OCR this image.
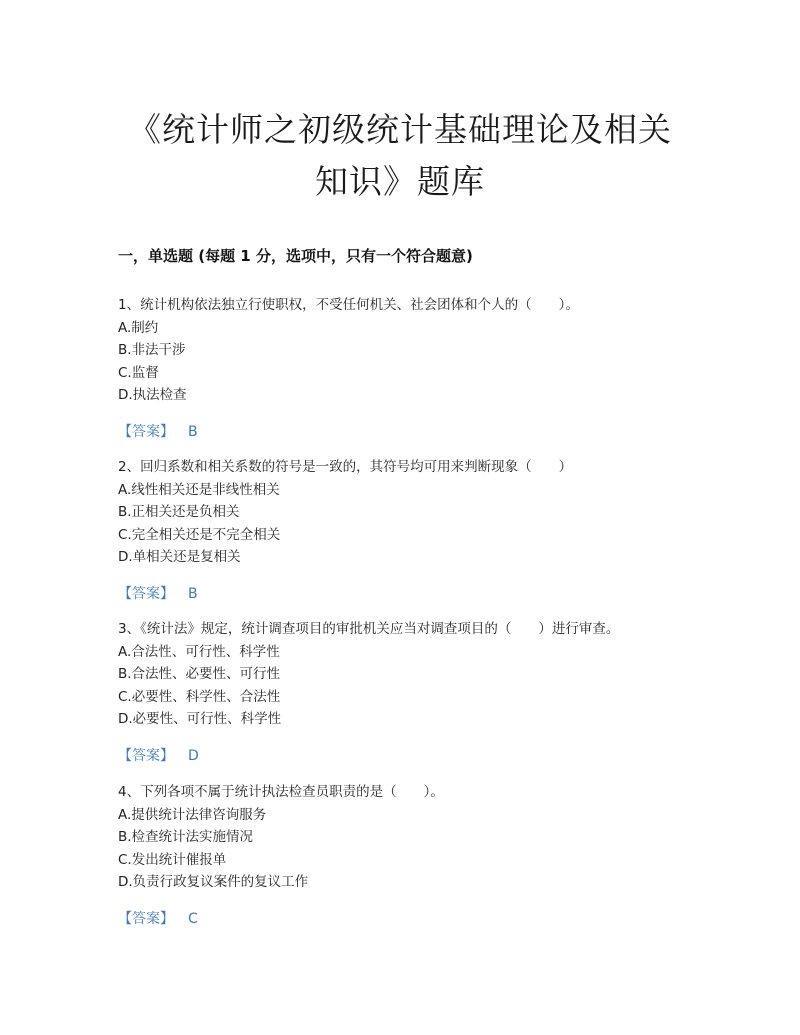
《统计师之初级统计基础理论及相关
知识》题库
一，单选题 (每题 1 分，选项中，只有一个符合题意)
1、统计机构依法独立行使职权，不受任何机关、社会团体和个人的（　　）。
A.制约
B.非法干涉
C.监督
D.执法检查
【答案】 B
2、回归系数和相关系数的符号是一致的，其符号均可用来判断现象（　　）
A.线性相关还是非线性相关
B.正相关还是负相关
C.完全相关还是不完全相关
D.单相关还是复相关
【答案】 B
3、《统计法》规定，统计调查项目的审批机关应当对调查项目的（　　）进行审查。
A.合法性、可行性、科学性
B.合法性、必要性、可行性
C.必要性、科学性、合法性
D.必要性、可行性、科学性
【答案】 D
4、下列各项不属于统计执法检查员职责的是（　　）。
A.提供统计法律咨询服务
B.检查统计法实施情况
C.发出统计催报单
D.负责行政复议案件的复议工作
【答案】 C
